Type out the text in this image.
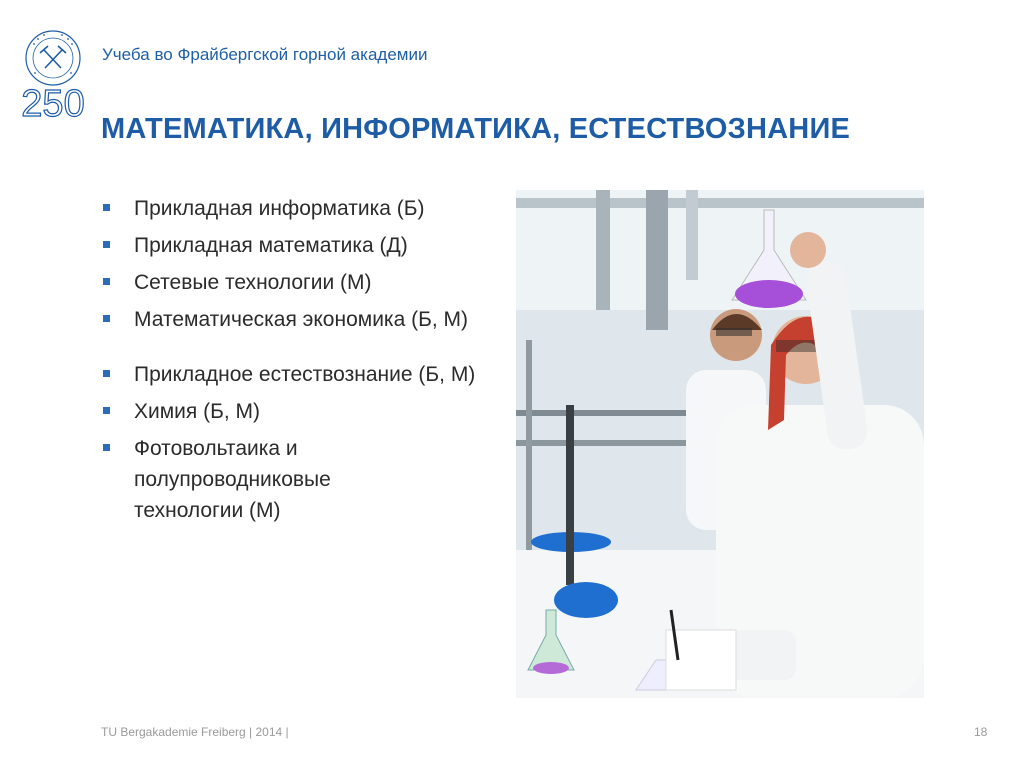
250
Учеба во Фрайбергской горной академии
МАТЕМАТИКА, ИНФОРМАТИКА, ЕСТЕСТВОЗНАНИЕ
Прикладная информатика (Б)
Прикладная математика (Д)
Сетевые технологии (М)
Математическая экономика (Б, М)
Прикладное естествознание (Б, М)
Химия (Б, М)
Фотовольтаика и полупроводниковые технологии (М)
TU Bergakademie Freiberg | 2014 |	18
